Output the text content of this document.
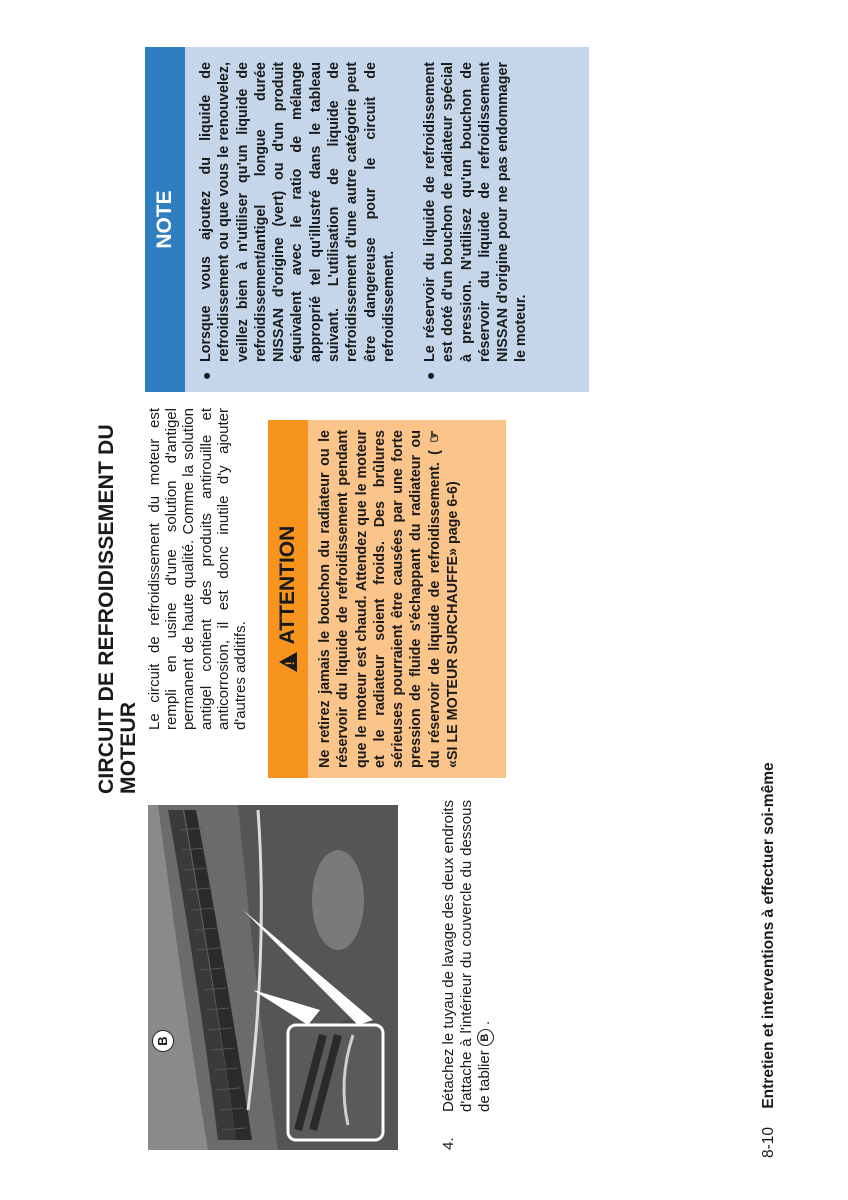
B
4.
Détachez le tuyau de lavage des deux endroits d'attache à l'intérieur du couvercle du dessous de tablier B .
CIRCUIT DE REFROIDISSEMENT DU MOTEUR
Le circuit de refroidissement du moteur est rempli en usine d'une solution d'antigel permanent de haute qualité. Comme la solution antigel contient des produits antirouille et anticorrosion, il est donc inutile d'y ajouter d'autres additifs.	!
ATTENTION Ne retirez jamais le bouchon du radiateur ou le réservoir du liquide de refroidissement pendant que le moteur est chaud. Attendez que le moteur et le radiateur soient froids. Des brûlures sérieuses pourraient être causées par une forte pression de fluide s'échappant du radiateur ou du réservoir de liquide de refroidissement. ( ☞ «SI LE MOTEUR SURCHAUFFE» page 6-6)
NOTE
●
Lorsque vous ajoutez du liquide de refroidissement ou que vous le renouvelez, veillez bien à n'utiliser qu'un liquide de refroidissement/antigel longue durée NISSAN d'origine (vert) ou d'un produit équivalent avec le ratio de mélange approprié tel qu'illustré dans le tableau suivant. L'utilisation de liquide de refroidissement d'une autre catégorie peut être dangereuse pour le circuit de refroidissement.
●
Le réservoir du liquide de refroidissement est doté d'un bouchon de radiateur spécial à pression. N'utilisez qu'un bouchon de réservoir du liquide de refroidissement NISSAN d'origine pour ne pas endommager le moteur.
8-10 Entretien et interventions à effectuer soi-même
